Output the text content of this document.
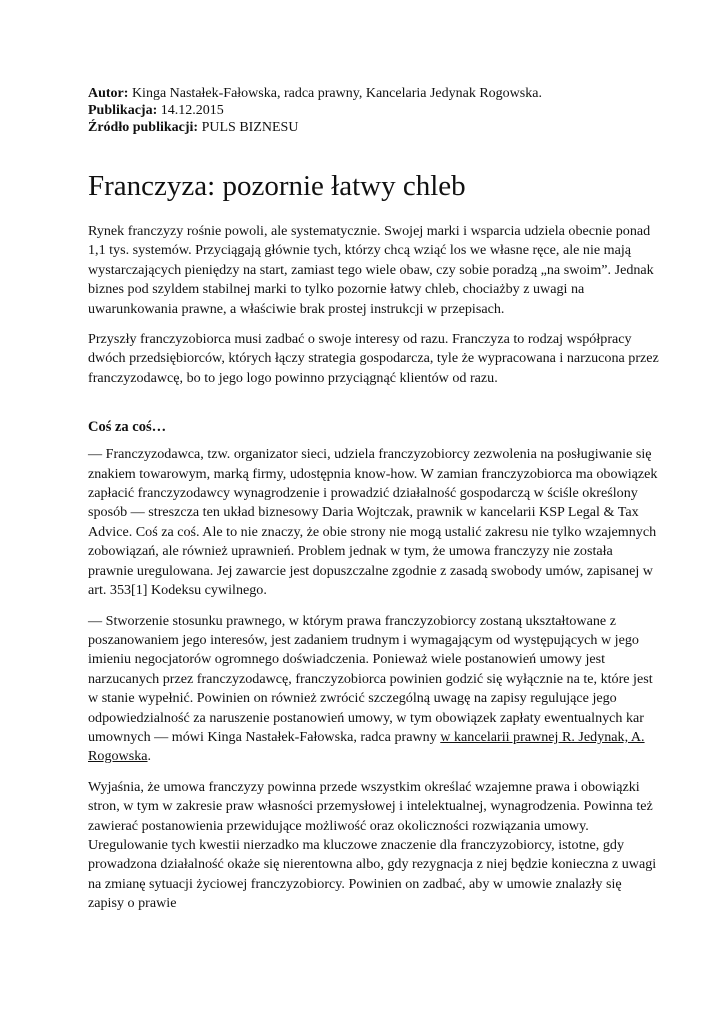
Autor: Kinga Nastałek-Fałowska, radca prawny, Kancelaria Jedynak Rogowska.
Publikacja: 14.12.2015
Źródło publikacji: PULS BIZNESU
Franczyza: pozornie łatwy chleb

Rynek franczyzy rośnie powoli, ale systematycznie. Swojej marki i wsparcia udziela obecnie ponad 1,1 tys. systemów. Przyciągają głównie tych, którzy chcą wziąć los we własne ręce, ale nie mają wystarczających pieniędzy na start, zamiast tego wiele obaw, czy sobie poradzą „na swoim”. Jednak biznes pod szyldem stabilnej marki to tylko pozornie łatwy chleb, chociażby z uwagi na uwarunkowania prawne, a właściwie brak prostej instrukcji w przepisach.

Przyszły franczyzobiorca musi zadbać o swoje interesy od razu. Franczyza to rodzaj współpracy dwóch przedsiębiorców, których łączy strategia gospodarcza, tyle że wypracowana i narzucona przez franczyzodawcę, bo to jego logo powinno przyciągnąć klientów od razu.

Coś za coś…

— Franczyzodawca, tzw. organizator sieci, udziela franczyzobiorcy zezwolenia na posługiwanie się znakiem towarowym, marką firmy, udostępnia know-how. W zamian franczyzobiorca ma obowiązek zapłacić franczyzodawcy wynagrodzenie i prowadzić działalność gospodarczą w ściśle określony sposób — streszcza ten układ biznesowy Daria Wojtczak, prawnik w kancelarii KSP Legal & Tax Advice. Coś za coś. Ale to nie znaczy, że obie strony nie mogą ustalić zakresu nie tylko wzajemnych zobowiązań, ale również uprawnień. Problem jednak w tym, że umowa franczyzy nie została prawnie uregulowana. Jej zawarcie jest dopuszczalne zgodnie z zasadą swobody umów, zapisanej w art. 353[1] Kodeksu cywilnego.

— Stworzenie stosunku prawnego, w którym prawa franczyzobiorcy zostaną ukształtowane z poszanowaniem jego interesów, jest zadaniem trudnym i wymagającym od występujących w jego imieniu negocjatorów ogromnego doświadczenia. Ponieważ wiele postanowień umowy jest narzucanych przez franczyzodawcę, franczyzobiorca powinien godzić się wyłącznie na te, które jest w stanie wypełnić. Powinien on również zwrócić szczególną uwagę na zapisy regulujące jego odpowiedzialność za naruszenie postanowień umowy, w tym obowiązek zapłaty ewentualnych kar umownych — mówi Kinga Nastałek-Fałowska, radca prawny w kancelarii prawnej R. Jedynak, A. Rogowska.

Wyjaśnia, że umowa franczyzy powinna przede wszystkim określać wzajemne prawa i obowiązki stron, w tym w zakresie praw własności przemysłowej i intelektualnej, wynagrodzenia. Powinna też zawierać postanowienia przewidujące możliwość oraz okoliczności rozwiązania umowy. Uregulowanie tych kwestii nierzadko ma kluczowe znaczenie dla franczyzobiorcy, istotne, gdy prowadzona działalność okaże się nierentowna albo, gdy rezygnacja z niej będzie konieczna z uwagi na zmianę sytuacji życiowej franczyzobiorcy. Powinien on zadbać, aby w umowie znalazły się zapisy o prawie
